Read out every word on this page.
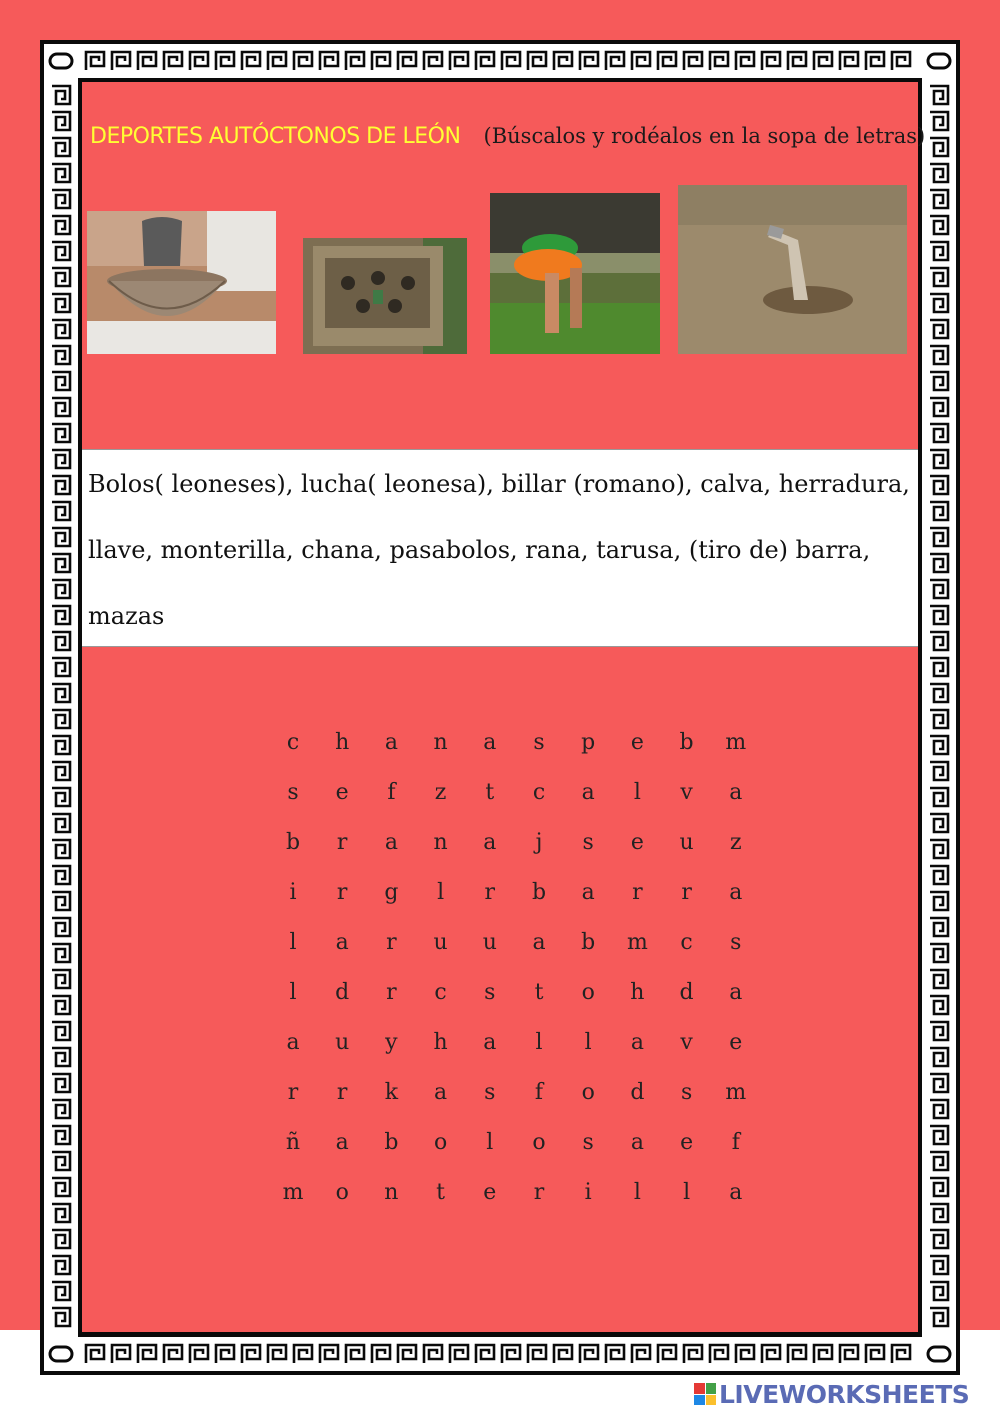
DEPORTES AUTÓCTONOS DE LEÓN (Búscalos y rodéalos en la sopa de letras)
Bolos( leoneses), lucha( leonesa), billar (romano), calva, herradura,
llave, monterilla, chana, pasabolos, rana, tarusa, (tiro de) barra,
mazas
c	h	a	n	a	s	p	e	b	m
s	e	f	z	t	c	a	l	v	a
b	r	a	n	a	j	s	e	u	z
i	r	g	l	r	b	a	r	r	a
l	a	r	u	u	a	b	m	c	s
l	d	r	c	s	t	o	h	d	a
a	u	y	h	a	l	l	a	v	e
r	r	k	a	s	f	o	d	s	m
ñ	a	b	o	l	o	s	a	e	f
m	o	n	t	e	r	i	l	l	a
LIVEWORKSHEETS
